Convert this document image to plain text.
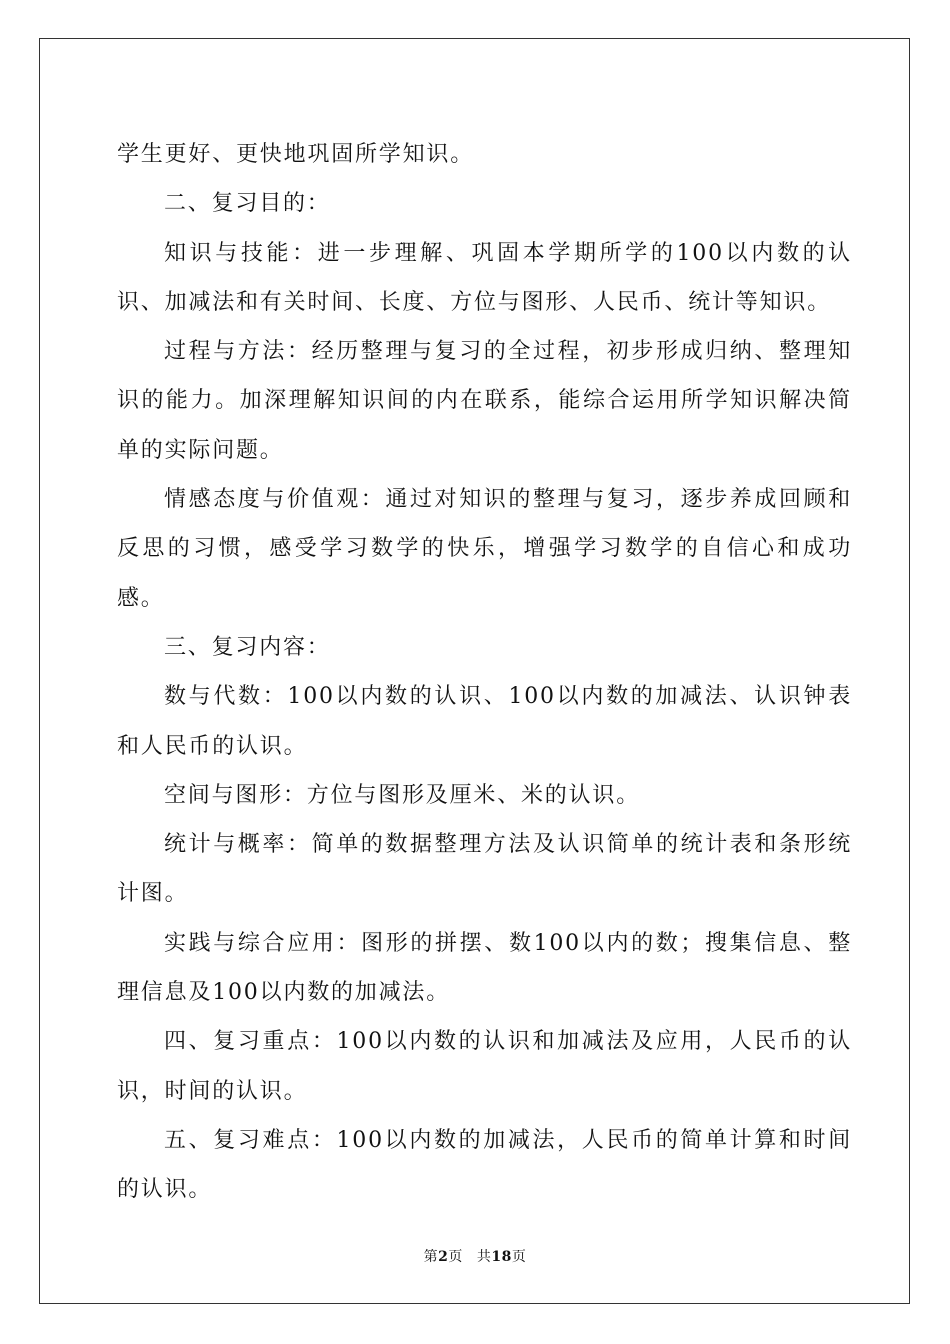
学生更好、更快地巩固所学知识。

二、复习目的：

知识与技能：进一步理解、巩固本学期所学的100以内数的认识、加减法和有关时间、长度、方位与图形、人民币、统计等知识。

过程与方法：经历整理与复习的全过程，初步形成归纳、整理知识的能力。加深理解知识间的内在联系，能综合运用所学知识解决简单的实际问题。

情感态度与价值观：通过对知识的整理与复习，逐步养成回顾和反思的习惯，感受学习数学的快乐，增强学习数学的自信心和成功感。

三、复习内容：

数与代数：100以内数的认识、100以内数的加减法、认识钟表和人民币的认识。

空间与图形：方位与图形及厘米、米的认识。

统计与概率：简单的数据整理方法及认识简单的统计表和条形统计图。

实践与综合应用：图形的拼摆、数100以内的数；搜集信息、整理信息及100以内数的加减法。

四、复习重点：100以内数的认识和加减法及应用，人民币的认识，时间的认识。

五、复习难点：100以内数的加减法，人民币的简单计算和时间的认识。

第2页 共18页
